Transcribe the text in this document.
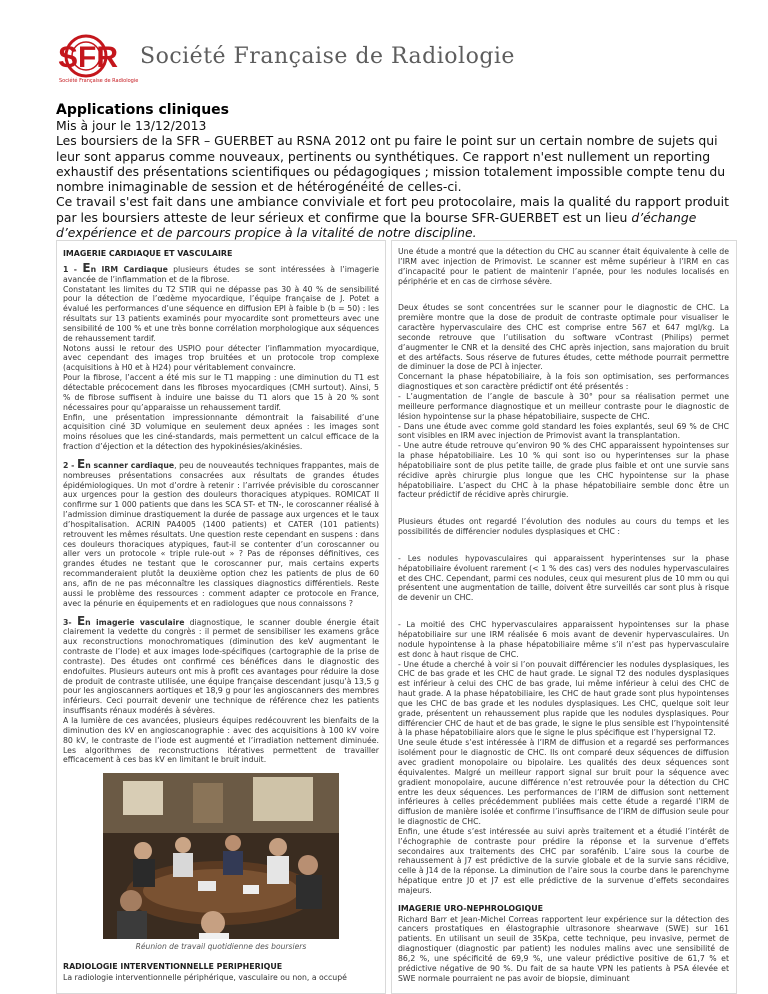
SFR
Société Française de Radiologie
Société Française de Radiologie
Applications cliniques

Mis à jour le 13/12/2013

Les boursiers de la SFR – GUERBET au RSNA 2012 ont pu faire le point sur un certain nombre de sujets qui leur sont apparus comme nouveaux, pertinents ou synthétiques. Ce rapport n'est nullement un reporting exhaustif des présentations scientifiques ou pédagogiques ; mission totalement impossible compte tenu du nombre inimaginable de session et de hétérogénéité de celles-ci.

Ce travail s'est fait dans une ambiance conviviale et fort peu protocolaire, mais la qualité du rapport produit par les boursiers atteste de leur sérieux et confirme que la bourse SFR-GUERBET est un lieu d’échange d’expérience et de parcours propice à la vitalité de notre discipline.

IMAGERIE CARDIAQUE ET VASCULAIRE

1 - En IRM Cardiaque plusieurs études se sont intéressées à l’imagerie avancée de l’inflammation et de la fibrose.

Constatant les limites du T2 STIR qui ne dépasse pas 30 à 40 % de sensibilité pour la détection de l’œdème myocardique, l’équipe française de J. Potet a évalué les performances d’une séquence en diffusion EPI à faible b (b = 50) : les résultats sur 13 patients examinés pour myocardite sont prometteurs avec une sensibilité de 100 % et une très bonne corrélation morphologique aux séquences de rehaussement tardif.

Notons aussi le retour des USPIO pour détecter l’inflammation myocardique, avec cependant des images trop bruitées et un protocole trop complexe (acquisitions à H0 et à H24) pour véritablement convaincre.

Pour la fibrose, l’accent a été mis sur le T1 mapping : une diminution du T1 est détectable précocement dans les fibroses myocardiques (CMH surtout). Ainsi, 5 % de fibrose suffisent à induire une baisse du T1 alors que 15 à 20 % sont nécessaires pour qu’apparaisse un rehaussement tardif.

Enfin, une présentation impressionnante démontrait la faisabilité d’une acquisition ciné 3D volumique en seulement deux apnées : les images sont moins résolues que les ciné-standards, mais permettent un calcul efficace de la fraction d’éjection et la détection des hypokinésies/akinésies.

2 - En scanner cardiaque, peu de nouveautés techniques frappantes, mais de nombreuses présentations consacrées aux résultats de grandes études épidémiologiques. Un mot d’ordre à retenir : l’arrivée prévisible du coroscanner aux urgences pour la gestion des douleurs thoraciques atypiques. ROMICAT II confirme sur 1 000 patients que dans les SCA ST- et TN-, le coroscanner réalisé à l’admission diminue drastiquement la durée de passage aux urgences et le taux d’hospitalisation. ACRIN PA4005 (1400 patients) et CATER (101 patients) retrouvent les mêmes résultats. Une question reste cependant en suspens : dans ces douleurs thoraciques atypiques, faut-il se contenter d’un coroscanner ou aller vers un protocole « triple rule-out » ? Pas de réponses définitives, ces grandes études ne testant que le coroscanner pur, mais certains experts recommanderaient plutôt la deuxième option chez les patients de plus de 60 ans, afin de ne pas méconnaître les classiques diagnostics différentiels. Reste aussi le problème des ressources : comment adapter ce protocole en France, avec la pénurie en équipements et en radiologues que nous connaissons ?

3- En imagerie vasculaire diagnostique, le scanner double énergie était clairement la vedette du congrès : il permet de sensibiliser les examens grâce aux reconstructions monochromatiques (diminution des keV augmentant le contraste de l’Iode) et aux images Iode-spécifiques (cartographie de la prise de contraste). Des études ont confirmé ces bénéfices dans le diagnostic des endofuites. Plusieurs auteurs ont mis à profit ces avantages pour réduire la dose de produit de contraste utilisée, une équipe française descendant jusqu’à 13,5 g pour les angioscanners aortiques et 18,9 g pour les angioscanners des membres inférieurs. Ceci pourrait devenir une technique de référence chez les patients insuffisants rénaux modérés à sévères.

A la lumière de ces avancées, plusieurs équipes redécouvrent les bienfaits de la diminution des kV en angioscanographie : avec des acquisitions à 100 kV voire 80 kV, le contraste de l’iode est augmenté et l’irradiation nettement diminuée. Les algorithmes de reconstructions itératives permettent de travailler efficacement à ces bas kV en limitant le bruit induit.

Réunion de travail quotidienne des boursiers
RADIOLOGIE INTERVENTIONNELLE PERIPHERIQUE

La radiologie interventionnelle périphérique, vasculaire ou non, a occupé

Une étude a montré que la détection du CHC au scanner était équivalente à celle de l’IRM avec injection de Primovist. Le scanner est même supérieur à l’IRM en cas d’incapacité pour le patient de maintenir l’apnée, pour les nodules localisés en périphérie et en cas de cirrhose sévère.

Deux études se sont concentrées sur le scanner pour le diagnostic de CHC. La première montre que la dose de produit de contraste optimale pour visualiser le caractère hypervasculaire des CHC est comprise entre 567 et 647 mgI/kg. La seconde retrouve que l’utilisation du software vContrast (Philips) permet d’augmenter le CNR et la densité des CHC après injection, sans majoration du bruit et des artéfacts. Sous réserve de futures études, cette méthode pourrait permettre de diminuer la dose de PCI à injecter.

Concernant la phase hépatobiliaire, à la fois son optimisation, ses performances diagnostiques et son caractère prédictif ont été présentés :

- L’augmentation de l’angle de bascule à 30° pour sa réalisation permet une meilleure performance diagnostique et un meilleur contraste pour le diagnostic de lésion hypointense sur la phase hépatobiliaire, suspecte de CHC.

- Dans une étude avec comme gold standard les foies explantés, seul 69 % de CHC sont visibles en IRM avec injection de Primovist avant la transplantation.

- Une autre étude retrouve qu’environ 90 % des CHC apparaissent hypointenses sur la phase hépatobiliaire. Les 10 % qui sont iso ou hyperintenses sur la phase hépatobiliaire sont de plus petite taille, de grade plus faible et ont une survie sans récidive après chirurgie plus longue que les CHC hypointense sur la phase hépatobiliaire. L’aspect du CHC à la phase hépatobiliaire semble donc être un facteur prédictif de récidive après chirurgie.

Plusieurs études ont regardé l’évolution des nodules au cours du temps et les possibilités de différencier nodules dysplasiques et CHC :

- Les nodules hypovasculaires qui apparaissent hyperintenses sur la phase hépatobiliaire évoluent rarement (< 1 % des cas) vers des nodules hypervasculaires et des CHC. Cependant, parmi ces nodules, ceux qui mesurent plus de 10 mm ou qui présentent une augmentation de taille, doivent être surveillés car sont plus à risque de devenir un CHC.

- La moitié des CHC hypervasculaires apparaissent hypointenses sur la phase hépatobiliaire sur une IRM réalisée 6 mois avant de devenir hypervasculaires. Un nodule hypointense à la phase hépatobiliaire même s’il n’est pas hypervasculaire est donc à haut risque de CHC.

- Une étude a cherché à voir si l’on pouvait différencier les nodules dysplasiques, les CHC de bas grade et les CHC de haut grade. Le signal T2 des nodules dysplasiques est inférieur à celui des CHC de bas grade, lui même inférieur à celui des CHC de haut grade. A la phase hépatobiliaire, les CHC de haut grade sont plus hypointenses que les CHC de bas grade et les nodules dysplasiques. Les CHC, quelque soit leur grade, présentent un rehaussement plus rapide que les nodules dysplasiques. Pour différencier CHC de haut et de bas grade, le signe le plus sensible est l’hypointensité à la phase hépatobiliaire alors que le signe le plus spécifique est l’hypersignal T2.

Une seule étude s’est intéressée à l’IRM de diffusion et a regardé ses performances isolément pour le diagnostic de CHC. Ils ont comparé deux séquences de diffusion avec gradient monopolaire ou bipolaire. Les qualités des deux séquences sont équivalentes. Malgré un meilleur rapport signal sur bruit pour la séquence avec gradient monopolaire, aucune différence n’est retrouvée pour la détection du CHC entre les deux séquences. Les performances de l’IRM de diffusion sont nettement inférieures à celles précédemment publiées mais cette étude a regardé l’IRM de diffusion de manière isolée et confirme l’insuffisance de l’IRM de diffusion seule pour le diagnostic de CHC.

Enfin, une étude s’est intéressée au suivi après traitement et a étudié l’intérêt de l’échographie de contraste pour prédire la réponse et la survenue d’effets secondaires aux traitements des CHC par sorafénib. L’aire sous la courbe de rehaussement à J7 est prédictive de la survie globale et de la survie sans récidive, celle à J14 de la réponse. La diminution de l’aire sous la courbe dans le parenchyme hépatique entre J0 et J7 est elle prédictive de la survenue d’effets secondaires majeurs.

IMAGERIE URO-NEPHROLOGIQUE

Richard Barr et Jean-Michel Correas rapportent leur expérience sur la détection des cancers prostatiques en élastographie ultrasonore shearwave (SWE) sur 161 patients. En utilisant un seuil de 35Kpa, cette technique, peu invasive, permet de diagnostiquer (diagnostic par patient) les nodules malins avec une sensibilité de 86,2 %, une spécificité de 69,9 %, une valeur prédictive positive de 61,7 % et prédictive négative de 90 %. Du fait de sa haute VPN les patients à PSA élevée et SWE normale pourraient ne pas avoir de biopsie, diminuant
